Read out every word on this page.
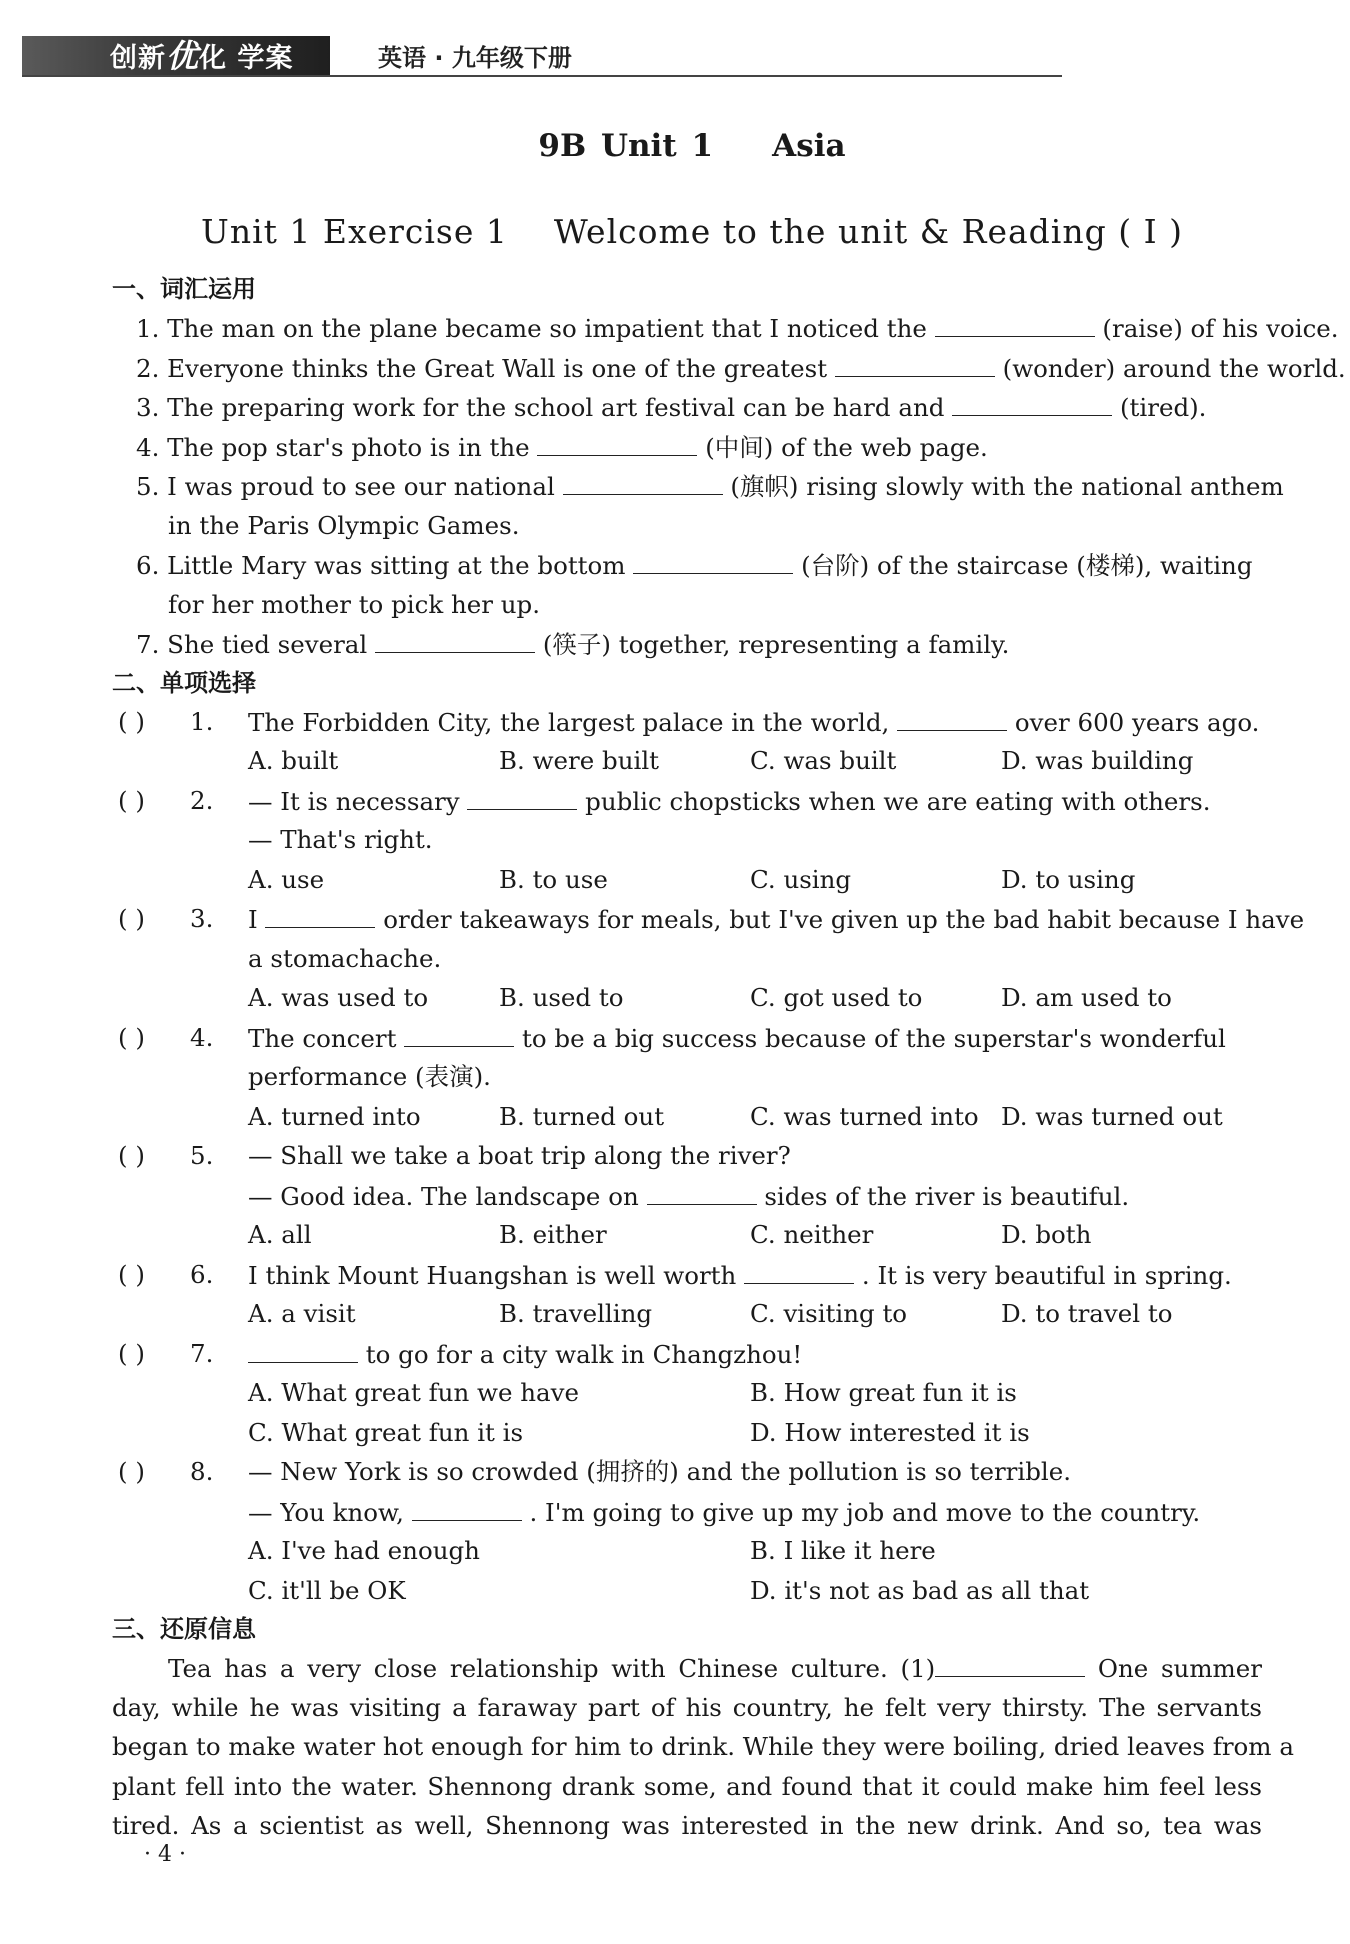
创新优化 学案	英语 · 九年级下册
9B Unit 1    Asia
Unit 1 Exercise 1    Welcome to the unit & Reading ( Ⅰ )
一、词汇运用
1. The man on the plane became so impatient that I noticed the	(raise) of his voice.
2. Everyone thinks the Great Wall is one of the greatest	(wonder) around the world.
3. The preparing work for the school art festival can be hard and	(tired).
4. The pop star's photo is in the	(中间) of the web page.
5. I was proud to see our national	(旗帜) rising slowly with the national anthem
in the Paris Olympic Games.
6. Little Mary was sitting at the bottom	(台阶) of the staircase (楼梯), waiting
for her mother to pick her up.
7. She tied several	(筷子) together, representing a family.
二、单项选择
( ) 1. The Forbidden City, the largest palace in the world,	over 600 years ago.
A. built	B. were built	C. was built	D. was building
( ) 2. — It is necessary	public chopsticks when we are eating with others.
— That's right.
A. use	B. to use	C. using	D. to using
( ) 3. I	order takeaways for meals, but I've given up the bad habit because I have
a stomachache.
A. was used to	B. used to	C. got used to	D. am used to
( ) 4. The concert	to be a big success because of the superstar's wonderful
performance (表演).
A. turned into	B. turned out	C. was turned into D. was turned out
( ) 5. — Shall we take a boat trip along the river?
— Good idea. The landscape on	sides of the river is beautiful.
A. all	B. either	C. neither	D. both
( ) 6. I think Mount Huangshan is well worth	. It is very beautiful in spring.
A. a visit	B. travelling	C. visiting to	D. to travel to
( ) 7.	to go for a city walk in Changzhou!
A. What great fun we have	B. How great fun it is
C. What great fun it is	D. How interested it is
( ) 8. — New York is so crowded (拥挤的) and the pollution is so terrible.
— You know,	. I'm going to give up my job and move to the country.
A. I've had enough	B. I like it here
C. it'll be OK	D. it's not as bad as all that
三、还原信息
Tea has a very close relationship with Chinese culture. (1)	One summer
day, while he was visiting a faraway part of his country, he felt very thirsty. The servants
began to make water hot enough for him to drink. While they were boiling, dried leaves from a
plant fell into the water. Shennong drank some, and found that it could make him feel less
tired. As a scientist as well, Shennong was interested in the new drink. And so, tea was
· 4 ·
